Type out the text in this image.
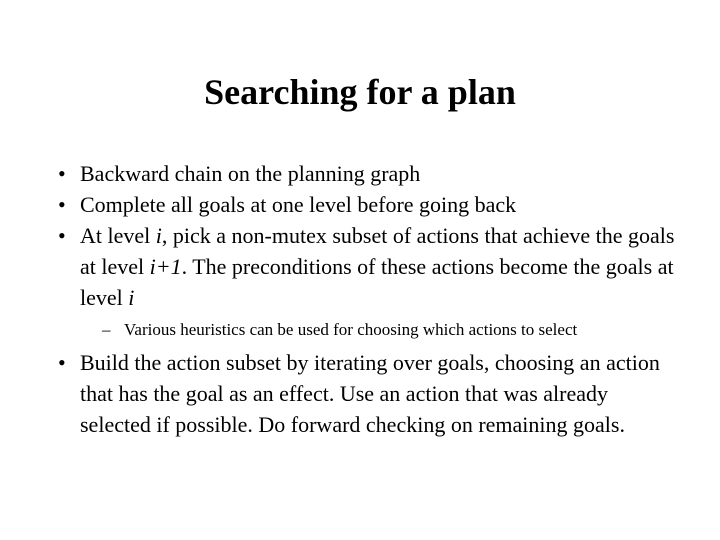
Searching for a plan
• Backward chain on the planning graph
• Complete all goals at one level before going back
• At level i, pick a non-mutex subset of actions that achieve the goals at level i+1. The preconditions of these actions become the goals at level i
– Various heuristics can be used for choosing which actions to select
• Build the action subset by iterating over goals, choosing an action that has the goal as an effect. Use an action that was already selected if possible. Do forward checking on remaining goals.
